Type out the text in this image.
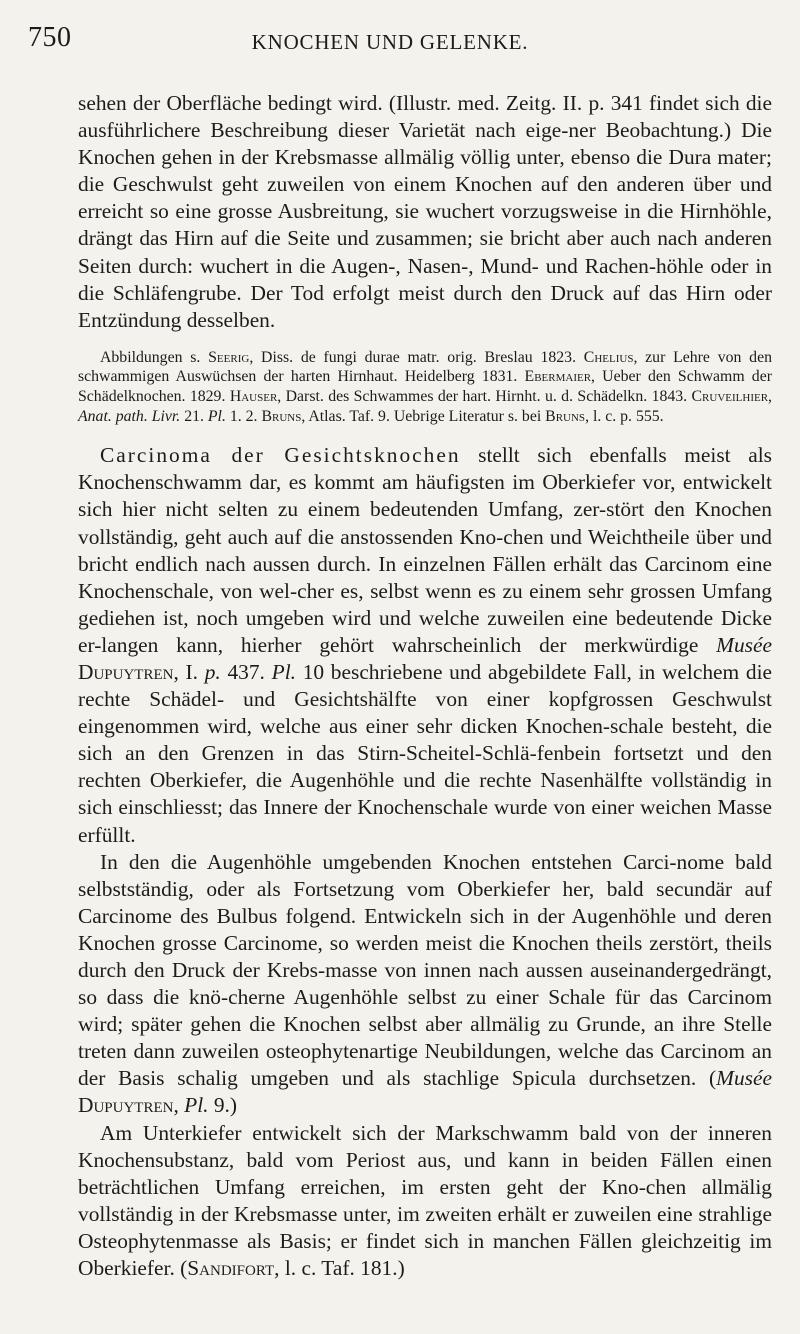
750	KNOCHEN UND GELENKE.

sehen der Oberfläche bedingt wird. (Illustr. med. Zeitg. II. p. 341 findet sich die ausführlichere Beschreibung dieser Varietät nach eige-ner Beobachtung.) Die Knochen gehen in der Krebsmasse allmälig völlig unter, ebenso die Dura mater; die Geschwulst geht zuweilen von einem Knochen auf den anderen über und erreicht so eine grosse Ausbreitung, sie wuchert vorzugsweise in die Hirnhöhle, drängt das Hirn auf die Seite und zusammen; sie bricht aber auch nach anderen Seiten durch: wuchert in die Augen-, Nasen-, Mund- und Rachen-höhle oder in die Schläfengrube. Der Tod erfolgt meist durch den Druck auf das Hirn oder Entzündung desselben.

Abbildungen s. Seerig, Diss. de fungi durae matr. orig. Breslau 1823. Chelius, zur Lehre von den schwammigen Auswüchsen der harten Hirnhaut. Heidelberg 1831. Ebermaier, Ueber den Schwamm der Schädelknochen. 1829. Hauser, Darst. des Schwammes der hart. Hirnht. u. d. Schädelkn. 1843. Cruveilhier, Anat. path. Livr. 21. Pl. 1. 2. Bruns, Atlas. Taf. 9. Uebrige Literatur s. bei Bruns, l. c. p. 555.

Carcinoma der Gesichtsknochen stellt sich ebenfalls meist als Knochenschwamm dar, es kommt am häufigsten im Oberkiefer vor, entwickelt sich hier nicht selten zu einem bedeutenden Umfang, zer-stört den Knochen vollständig, geht auch auf die anstossenden Kno-chen und Weichtheile über und bricht endlich nach aussen durch. In einzelnen Fällen erhält das Carcinom eine Knochenschale, von wel-cher es, selbst wenn es zu einem sehr grossen Umfang gediehen ist, noch umgeben wird und welche zuweilen eine bedeutende Dicke er-langen kann, hierher gehört wahrscheinlich der merkwürdige Musée Dupuytren, I. p. 437. Pl. 10 beschriebene und abgebildete Fall, in welchem die rechte Schädel- und Gesichtshälfte von einer kopfgrossen Geschwulst eingenommen wird, welche aus einer sehr dicken Knochen-schale besteht, die sich an den Grenzen in das Stirn-Scheitel-Schlä-fenbein fortsetzt und den rechten Oberkiefer, die Augenhöhle und die rechte Nasenhälfte vollständig in sich einschliesst; das Innere der Knochenschale wurde von einer weichen Masse erfüllt.

In den die Augenhöhle umgebenden Knochen entstehen Carci-nome bald selbstständig, oder als Fortsetzung vom Oberkiefer her, bald secundär auf Carcinome des Bulbus folgend. Entwickeln sich in der Augenhöhle und deren Knochen grosse Carcinome, so werden meist die Knochen theils zerstört, theils durch den Druck der Krebs-masse von innen nach aussen auseinandergedrängt, so dass die knö-cherne Augenhöhle selbst zu einer Schale für das Carcinom wird; später gehen die Knochen selbst aber allmälig zu Grunde, an ihre Stelle treten dann zuweilen osteophytenartige Neubildungen, welche das Carcinom an der Basis schalig umgeben und als stachlige Spicula durchsetzen. (Musée Dupuytren, Pl. 9.)

Am Unterkiefer entwickelt sich der Markschwamm bald von der inneren Knochensubstanz, bald vom Periost aus, und kann in beiden Fällen einen beträchtlichen Umfang erreichen, im ersten geht der Kno-chen allmälig vollständig in der Krebsmasse unter, im zweiten erhält er zuweilen eine strahlige Osteophytenmasse als Basis; er findet sich in manchen Fällen gleichzeitig im Oberkiefer. (Sandifort, l. c. Taf. 181.)
